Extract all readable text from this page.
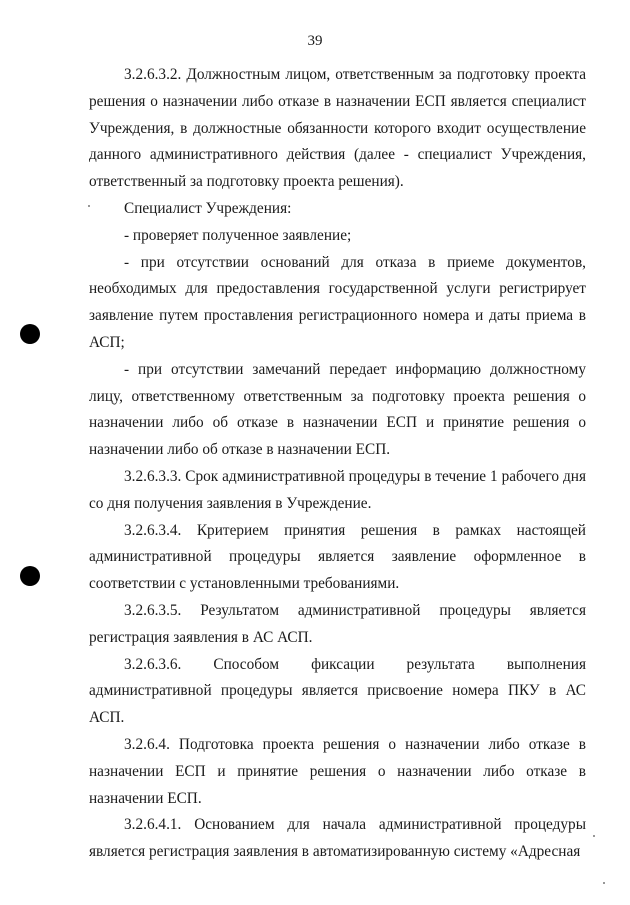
39

3.2.6.3.2. Должностным лицом, ответственным за подготовку проекта решения о назначении либо отказе в назначении ЕСП является специалист Учреждения, в должностные обязанности которого входит осуществление данного административного действия (далее - специалист Учреждения, ответственный за подготовку проекта решения).

Специалист Учреждения:

- проверяет полученное заявление;

- при отсутствии оснований для отказа в приеме документов, необходимых для предоставления государственной услуги регистрирует заявление путем проставления регистрационного номера и даты приема в АСП;

- при отсутствии замечаний передает информацию должностному лицу, ответственному ответственным за подготовку проекта решения о назначении либо об отказе в назначении ЕСП и принятие решения о назначении либо об отказе в назначении ЕСП.

3.2.6.3.3. Срок административной процедуры в течение 1 рабочего дня со дня получения заявления в Учреждение.

3.2.6.3.4. Критерием принятия решения в рамках настоящей административной процедуры является заявление оформленное в соответствии с установленными требованиями.

3.2.6.3.5. Результатом административной процедуры является регистрация заявления в АС АСП.

3.2.6.3.6. Способом фиксации результата выполнения административной процедуры является присвоение номера ПКУ в АС АСП.

3.2.6.4. Подготовка проекта решения о назначении либо отказе в назначении ЕСП и принятие решения о назначении либо отказе в назначении ЕСП.

3.2.6.4.1. Основанием для начала административной процедуры является регистрация заявления в автоматизированную систему «Адресная
